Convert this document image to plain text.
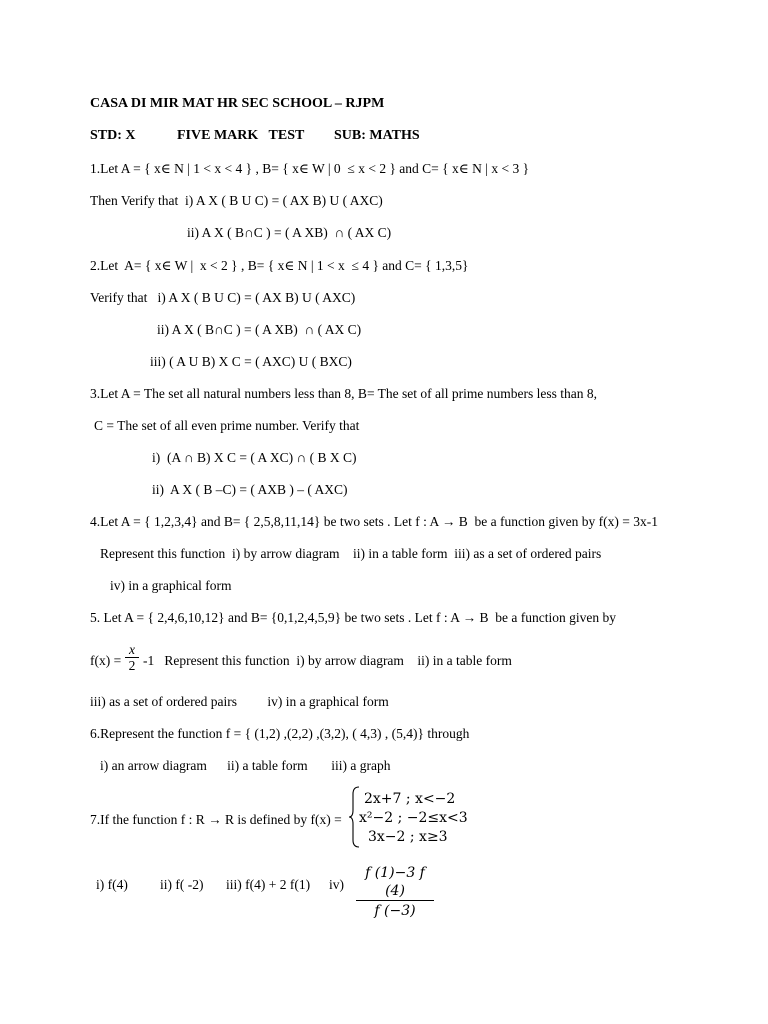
CASA DI MIR MAT HR SEC SCHOOL – RJPM
STD: X	FIVE MARK   TEST SUB: MATHS
1.Let A = { x∈ N | 1 < x < 4 } , B= { x∈ W | 0  ≤ x < 2 } and C= { x∈ N | x < 3 }
Then Verify that  i) A X ( B U C) = ( AX B) U ( AXC)
ii) A X ( B∩C ) = ( A XB)  ∩ ( AX C)
2.Let  A= { x∈ W |  x < 2 } , B= { x∈ N | 1 < x  ≤ 4 } and C= { 1,3,5}
Verify that   i) A X ( B U C) = ( AX B) U ( AXC)
ii) A X ( B∩C ) = ( A XB)  ∩ ( AX C)
iii) ( A U B) X C = ( AXC) U ( BXC)
3.Let A = The set all natural numbers less than 8, B= The set of all prime numbers less than 8,
C = The set of all even prime number. Verify that
i)  (A ∩ B) X C = ( A XC) ∩ ( B X C)
ii)  A X ( B –C) = ( AXB ) – ( AXC)
4.Let A = { 1,2,3,4} and B= { 2,5,8,11,14} be two sets . Let f : A → B  be a function given by f(x) = 3x-1
Represent this function  i) by arrow diagram    ii) in a table form  iii) as a set of ordered pairs
iv) in a graphical form
5. Let A = { 2,4,6,10,12} and B= {0,1,2,4,5,9} be two sets . Let f : A → B  be a function given by
f(x) =
x
2 -1   Represent this function  i) by arrow diagram    ii) in a table form
iii) as a set of ordered pairs         iv) in a graphical form
6.Represent the function f = { (1,2) ,(2,2) ,(3,2), ( 4,3) , (5,4)} through
i) an arrow diagram      ii) a table form       iii) a graph
7.If the function f : R → R is defined by f(x) =
2x+7 ; x<−2
x²−2 ; −2≤x<3
3x−2 ; x≥3
i) f(4) ii) f( -2) iii) f(4) + 2 f(1) iv)
f (1)−3 f (4)
f (−3)
